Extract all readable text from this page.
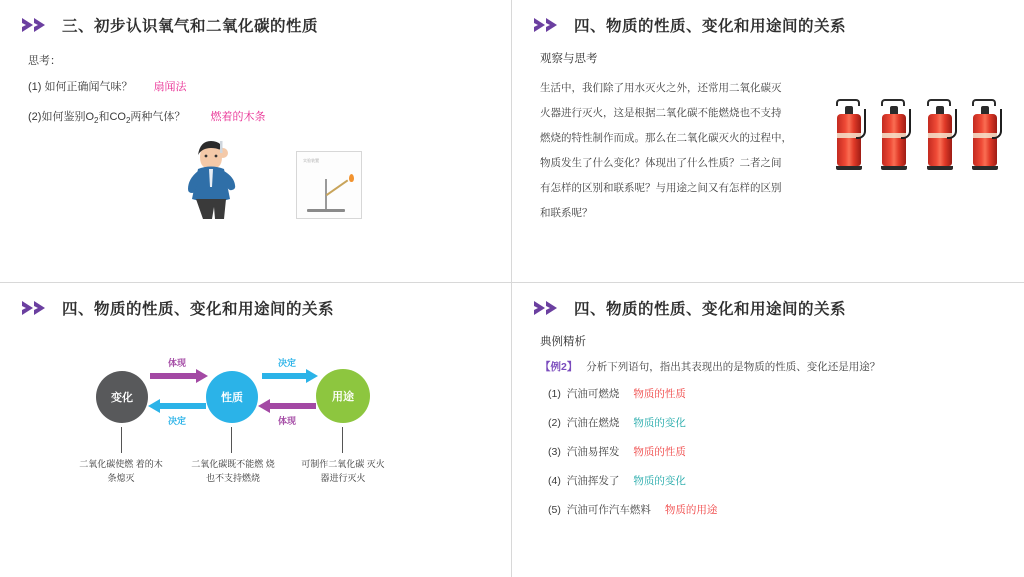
三、初步认识氧气和二氧化碳的性质
思考：
(1) 如何正确闻气味？ 扇闻法
(2)如何鉴别$O_2$和$CO_2$两种气体？ 燃着的木条
实验装置
四、物质的性质、变化和用途间的关系
观察与思考
生活中，我们除了用水灭火之外，还常用二氧化碳灭
火器进行灭火，这是根据二氧化碳不能燃烧也不支持
燃烧的特性制作而成。那么在二氧化碳灭火的过程中，
物质发生了什么变化？体现出了什么性质？二者之间
有怎样的区别和联系呢？与用途之间又有怎样的区别
和联系呢？
四、物质的性质、变化和用途间的关系
变化	性质	用途
体现
决定
决定
体现
二氧化碳使燃 着的木条熄灭
二氧化碳既不能燃 烧也不支持燃烧
可制作二氧化碳 灭火器进行灭火
四、物质的性质、变化和用途间的关系
典例精析
【例2】 分析下列语句，指出其表现出的是物质的性质、变化还是用途？
(1) 汽油可燃烧 物质的性质
(2) 汽油在燃烧 物质的变化
(3) 汽油易挥发 物质的性质
(4) 汽油挥发了 物质的变化
(5) 汽油可作汽车燃料 物质的用途
